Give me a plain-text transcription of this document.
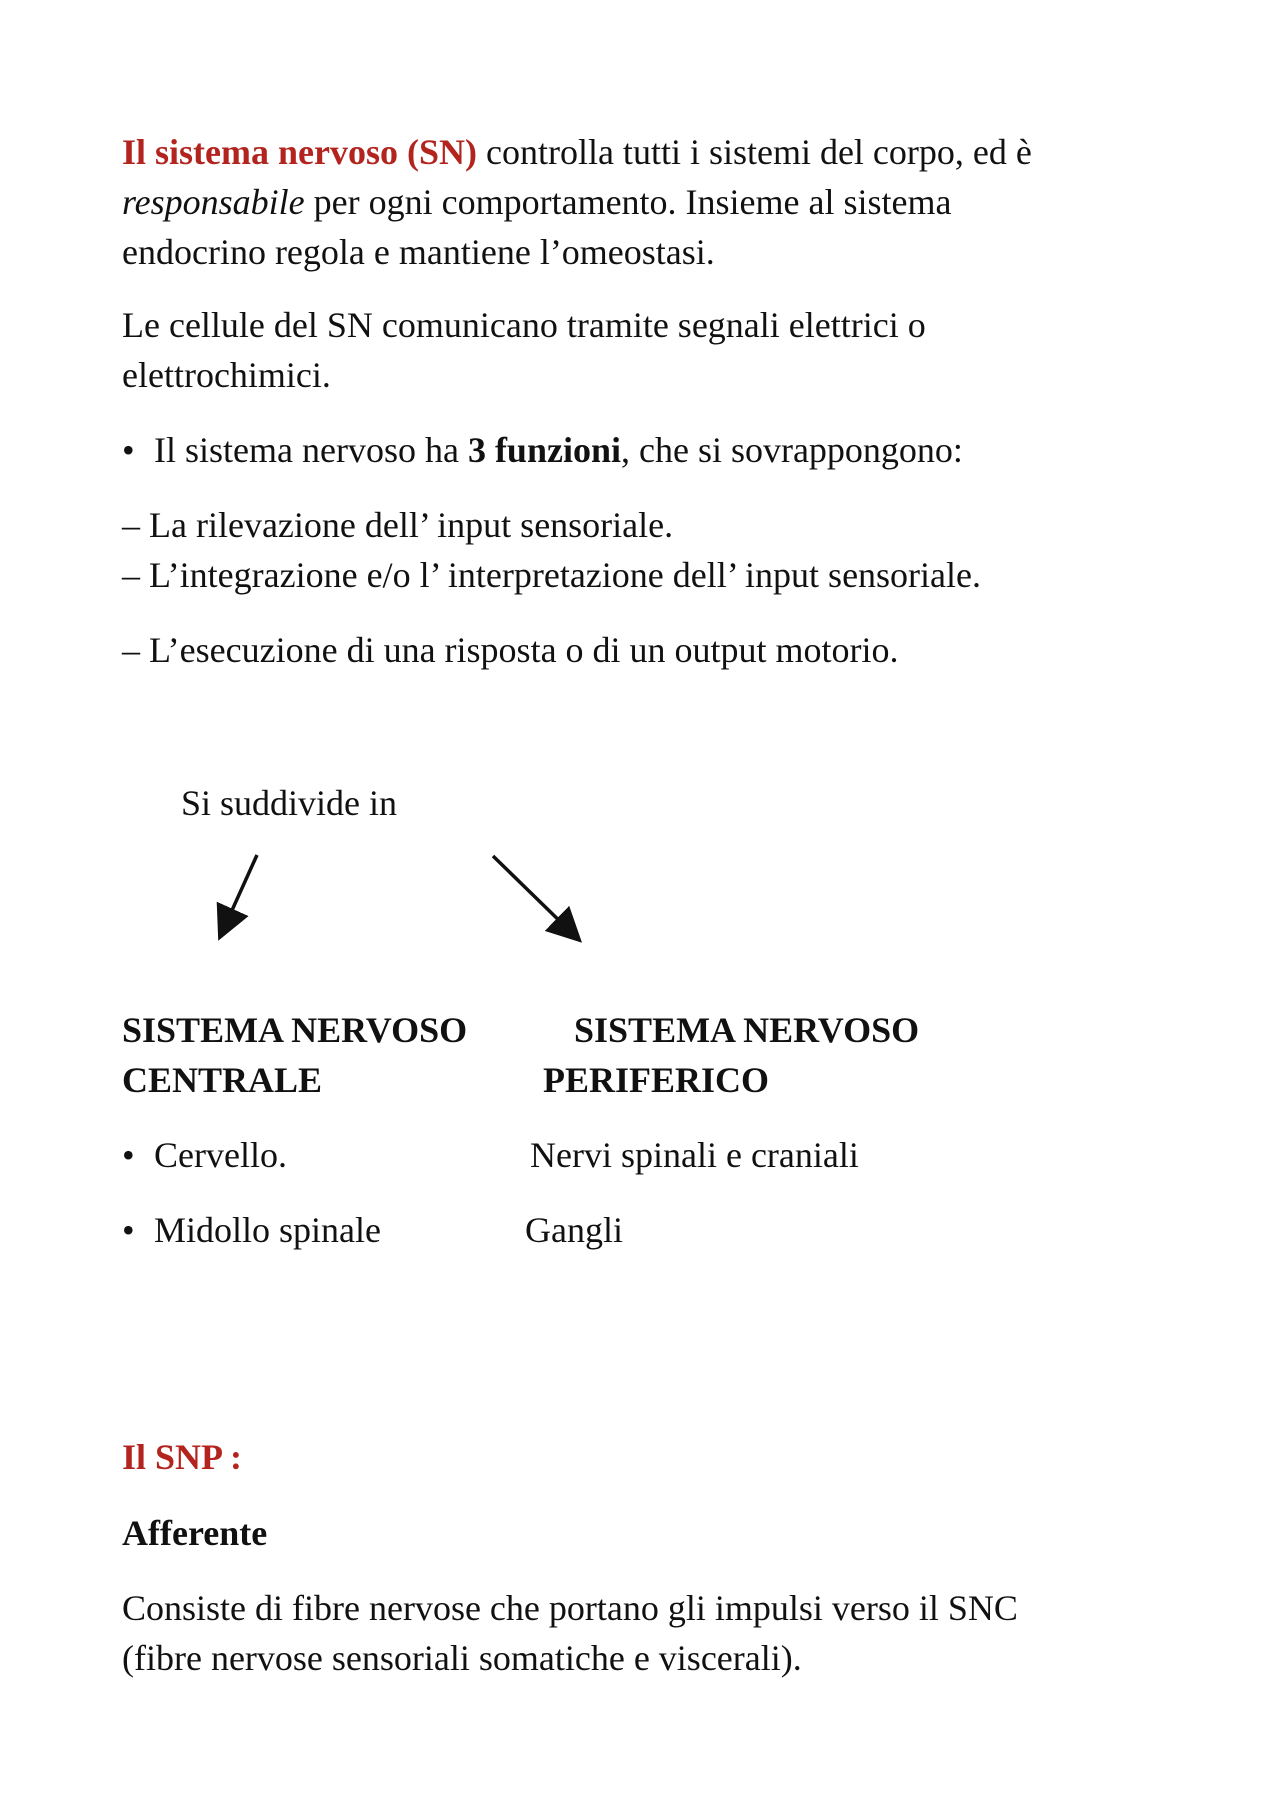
Il sistema nervoso (SN) controlla tutti i sistemi del corpo, ed è
responsabile per ogni comportamento. Insieme al sistema
endocrino regola e mantiene l’omeostasi.
Le cellule del SN comunicano tramite segnali elettrici o
elettrochimici.
• Il sistema nervoso ha 3 funzioni, che si sovrappongono:
– La rilevazione dell’ input sensoriale.
– L’integrazione e/o l’ interpretazione dell’ input sensoriale.
– L’esecuzione di una risposta o di un output motorio.
Si suddivide in
SISTEMA NERVOSO
CENTRALE
SISTEMA NERVOSO
PERIFERICO
• Cervello.
• Midollo spinale
Nervi spinali e craniali
Gangli
Il SNP :
Afferente
Consiste di fibre nervose che portano gli impulsi verso il SNC
(fibre nervose sensoriali somatiche e viscerali).
